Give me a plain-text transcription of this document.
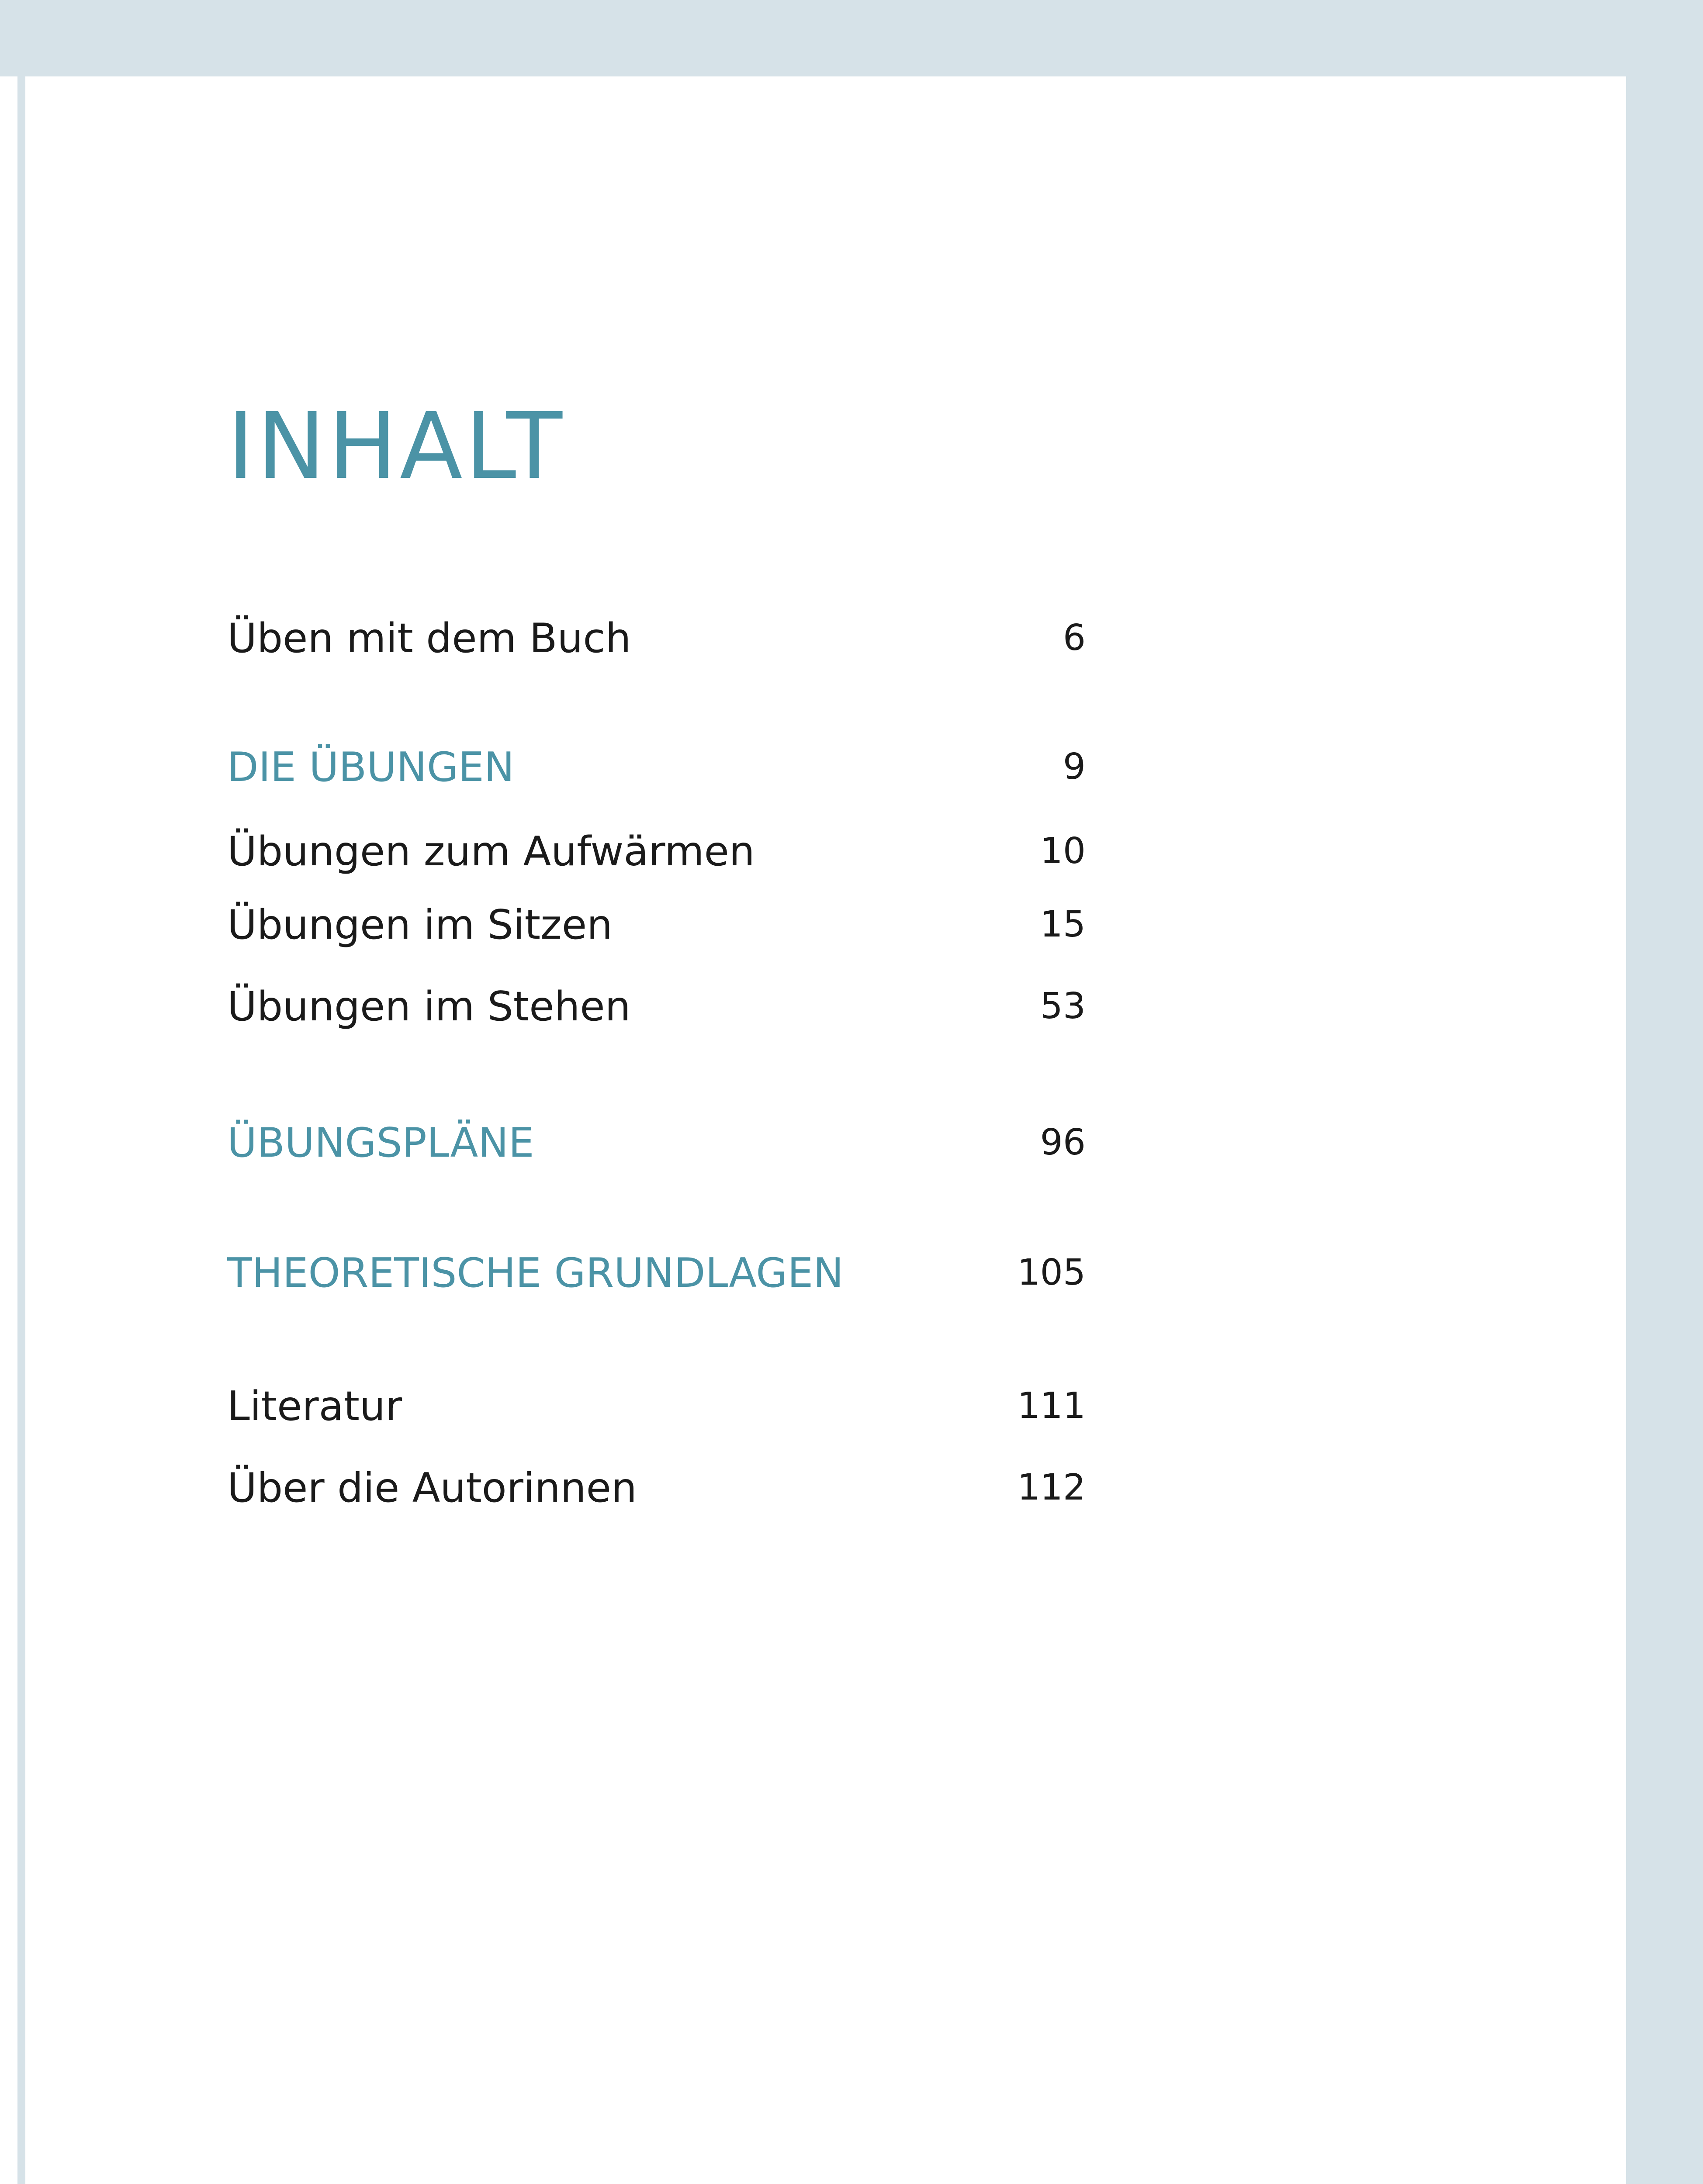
INHALT
Üben mit dem Buch	6
DIE ÜBUNGEN	9
Übungen zum Aufwärmen	10
Übungen im Sitzen	15
Übungen im Stehen	53
ÜBUNGSPLÄNE	96
THEORETISCHE GRUNDLAGEN	105
Literatur	111
Über die Autorinnen	112
